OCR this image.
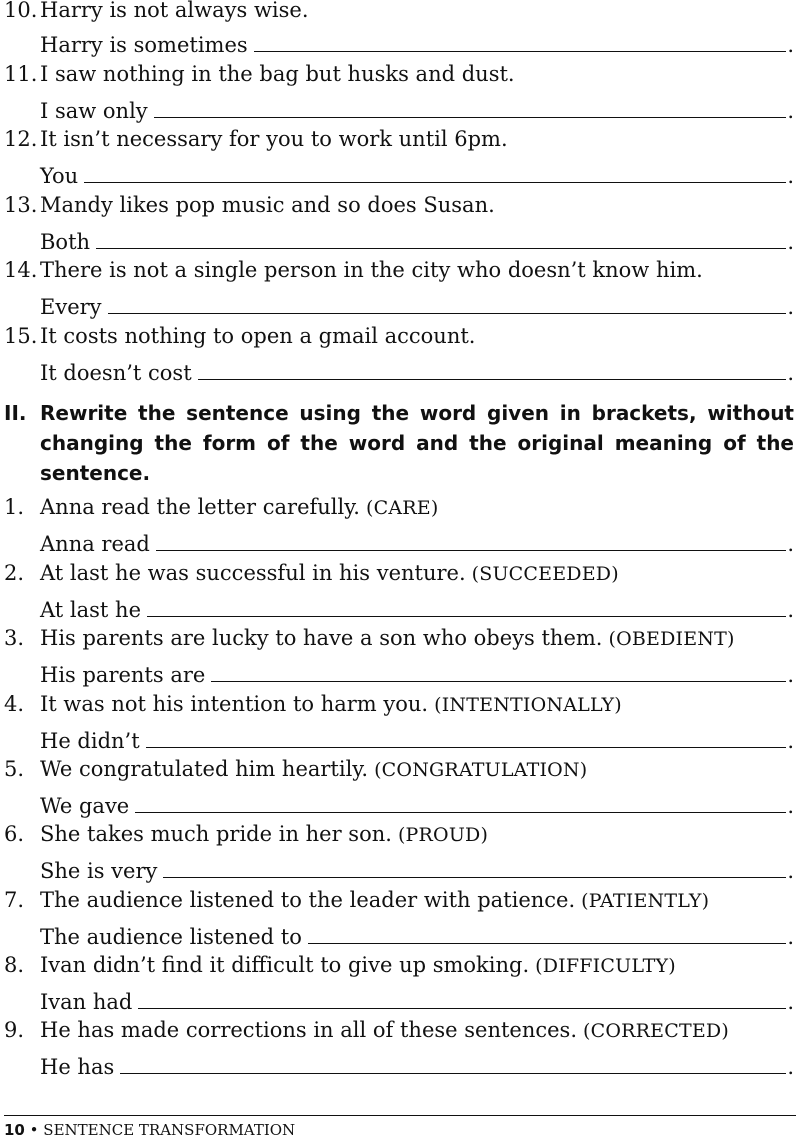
10. Harry is not always wise.
Harry is sometimes	.
11. I saw nothing in the bag but husks and dust.
I saw only	.
12. It isn’t necessary for you to work until 6pm.
You	.
13. Mandy likes pop music and so does Susan.
Both	.
14. There is not a single person in the city who doesn’t know him.
Every	.
15. It costs nothing to open a gmail account.
It doesn’t cost	.
II. Rewrite the sentence using the word given in brackets, without changing the form of the word and the original meaning of the sentence.
1. Anna read the letter carefully. (CARE)
Anna read	.
2. At last he was successful in his venture. (SUCCEEDED)
At last he	.
3. His parents are lucky to have a son who obeys them. (OBEDIENT)
His parents are	.
4. It was not his intention to harm you. (INTENTIONALLY)
He didn’t	.
5. We congratulated him heartily. (CONGRATULATION)
We gave	.
6. She takes much pride in her son. (PROUD)
She is very	.
7. The audience listened to the leader with patience. (PATIENTLY)
The audience listened to	.
8. Ivan didn’t find it difficult to give up smoking. (DIFFICULTY)
Ivan had	.
9. He has made corrections in all of these sentences. (CORRECTED)
He has	.
10 • SENTENCE TRANSFORMATION
